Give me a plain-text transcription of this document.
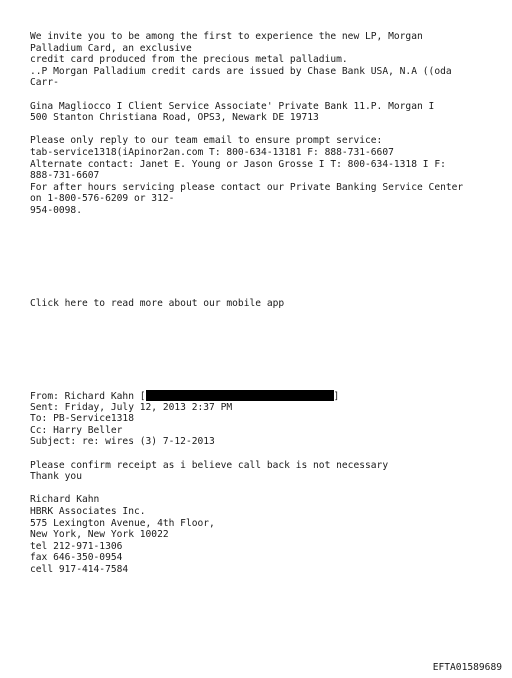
We invite you to be among the first to experience the new LP, Morgan
Palladium Card, an exclusive
credit card produced from the precious metal palladium.
..P Morgan Palladium credit cards are issued by Chase Bank USA, N.A ((oda
Carr-
Gina Magliocco I Client Service Associate' Private Bank 11.P. Morgan I
500 Stanton Christiana Road, OPS3, Newark DE 19713
Please only reply to our team email to ensure prompt service:
tab-service1318(iApinor2an.com T: 800-634-13181 F: 888-731-6607
Alternate contact: Janet E. Young or Jason Grosse I T: 800-634-1318 I F:
888-731-6607
For after hours servicing please contact our Private Banking Service Center
on 1-800-576-6209 or 312-
954-0098.
Click here to read more about our mobile app
From: Richard Kahn [	]
Sent: Friday, July 12, 2013 2:37 PM
To: PB-Service1318
Cc: Harry Beller
Subject: re: wires (3) 7-12-2013
Please confirm receipt as i believe call back is not necessary
Thank you
Richard Kahn
HBRK Associates Inc.
575 Lexington Avenue, 4th Floor,
New York, New York 10022
tel 212-971-1306
fax 646-350-0954
cell 917-414-7584
EFTA01589689
